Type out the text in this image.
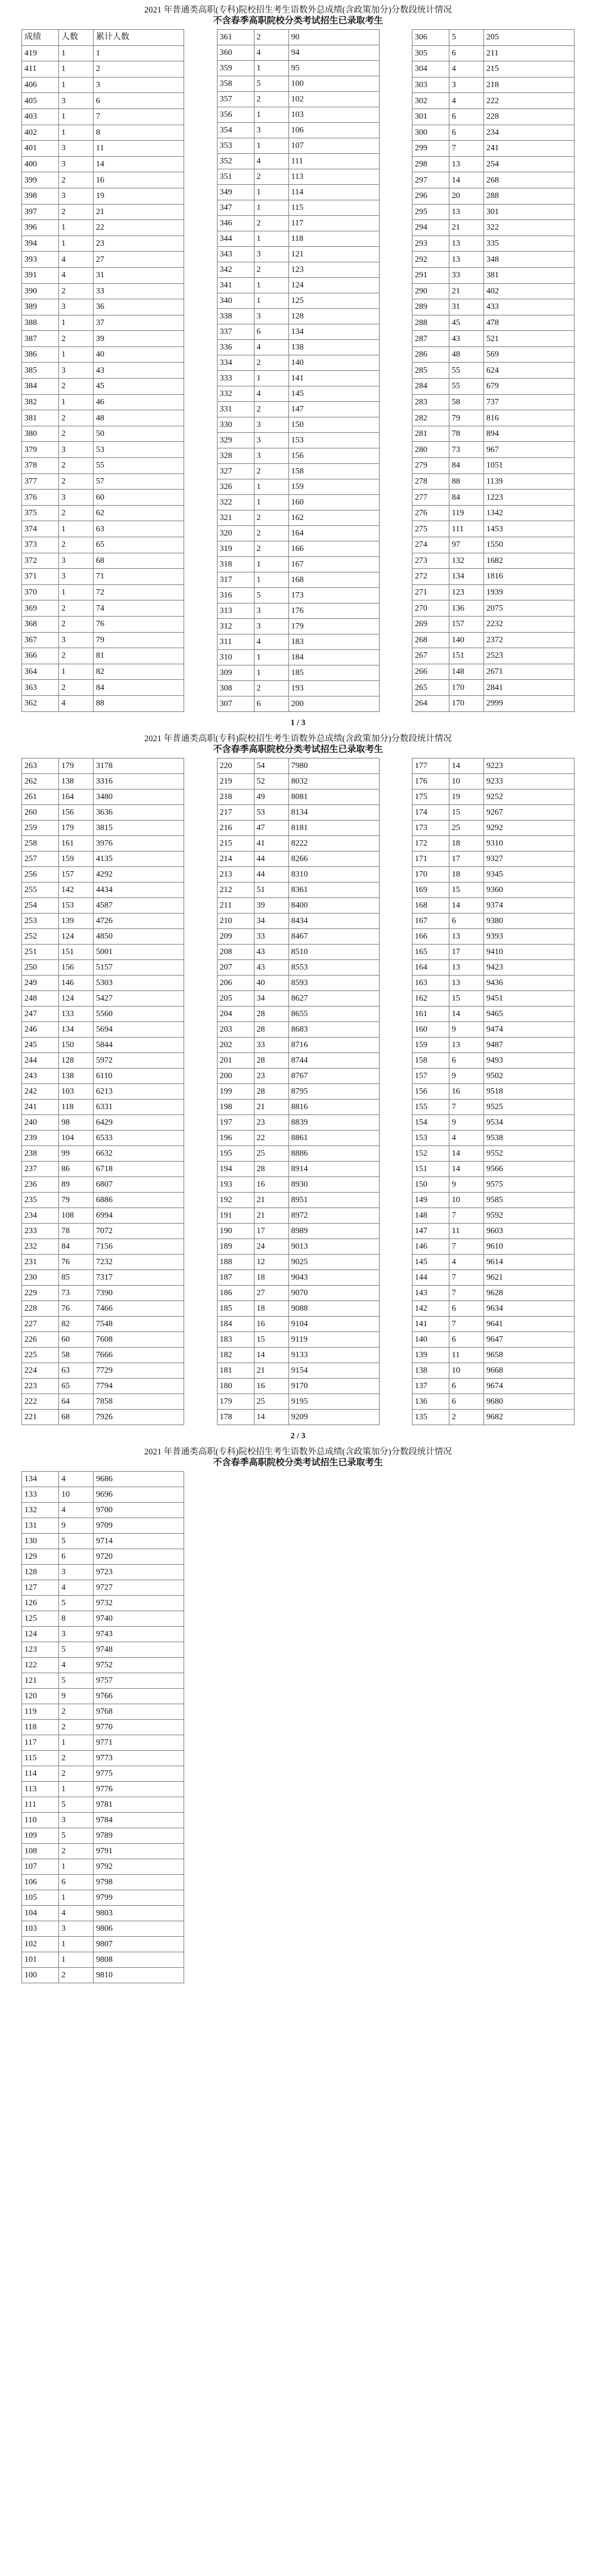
2021 年普通类高职(专科)院校招生考生语数外总成绩(含政策加分)分数段统计情况
不含春季高职院校分类考试招生已录取考生
成绩	人数	累计人数
419	1	1
411	1	2
406	1	3
405	3	6
403	1	7
402	1	8
401	3	11
400	3	14
399	2	16
398	3	19
397	2	21
396	1	22
394	1	23
393	4	27
391	4	31
390	2	33
389	3	36
388	1	37
387	2	39
386	1	40
385	3	43
384	2	45
382	1	46
381	2	48
380	2	50
379	3	53
378	2	55
377	2	57
376	3	60
375	2	62
374	1	63
373	2	65
372	3	68
371	3	71
370	1	72
369	2	74
368	2	76
367	3	79
366	2	81
364	1	82
363	2	84
362	4	88
361	2	90
360	4	94
359	1	95
358	5	100
357	2	102
356	1	103
354	3	106
353	1	107
352	4	111
351	2	113
349	1	114
347	1	115
346	2	117
344	1	118
343	3	121
342	2	123
341	1	124
340	1	125
338	3	128
337	6	134
336	4	138
334	2	140
333	1	141
332	4	145
331	2	147
330	3	150
329	3	153
328	3	156
327	2	158
326	1	159
322	1	160
321	2	162
320	2	164
319	2	166
318	1	167
317	1	168
316	5	173
313	3	176
312	3	179
311	4	183
310	1	184
309	1	185
308	2	193
307	6	200
306	5	205
305	6	211
304	4	215
303	3	218
302	4	222
301	6	228
300	6	234
299	7	241
298	13	254
297	14	268
296	20	288
295	13	301
294	21	322
293	13	335
292	13	348
291	33	381
290	21	402
289	31	433
288	45	478
287	43	521
286	48	569
285	55	624
284	55	679
283	58	737
282	79	816
281	78	894
280	73	967
279	84	1051
278	88	1139
277	84	1223
276	119	1342
275	111	1453
274	97	1550
273	132	1682
272	134	1816
271	123	1939
270	136	2075
269	157	2232
268	140	2372
267	151	2523
266	148	2671
265	170	2841
264	170	2999
1 / 3
2021 年普通类高职(专科)院校招生考生语数外总成绩(含政策加分)分数段统计情况
不含春季高职院校分类考试招生已录取考生
263	179	3178
262	138	3316
261	164	3480
260	156	3636
259	179	3815
258	161	3976
257	159	4135
256	157	4292
255	142	4434
254	153	4587
253	139	4726
252	124	4850
251	151	5001
250	156	5157
249	146	5303
248	124	5427
247	133	5560
246	134	5694
245	150	5844
244	128	5972
243	138	6110
242	103	6213
241	118	6331
240	98	6429
239	104	6533
238	99	6632
237	86	6718
236	89	6807
235	79	6886
234	108	6994
233	78	7072
232	84	7156
231	76	7232
230	85	7317
229	73	7390
228	76	7466
227	82	7548
226	60	7608
225	58	7666
224	63	7729
223	65	7794
222	64	7858
221	68	7926
220	54	7980
219	52	8032
218	49	8081
217	53	8134
216	47	8181
215	41	8222
214	44	8266
213	44	8310
212	51	8361
211	39	8400
210	34	8434
209	33	8467
208	43	8510
207	43	8553
206	40	8593
205	34	8627
204	28	8655
203	28	8683
202	33	8716
201	28	8744
200	23	8767
199	28	8795
198	21	8816
197	23	8839
196	22	8861
195	25	8886
194	28	8914
193	16	8930
192	21	8951
191	21	8972
190	17	8989
189	24	9013
188	12	9025
187	18	9043
186	27	9070
185	18	9088
184	16	9104
183	15	9119
182	14	9133
181	21	9154
180	16	9170
179	25	9195
178	14	9209
177	14	9223
176	10	9233
175	19	9252
174	15	9267
173	25	9292
172	18	9310
171	17	9327
170	18	9345
169	15	9360
168	14	9374
167	6	9380
166	13	9393
165	17	9410
164	13	9423
163	13	9436
162	15	9451
161	14	9465
160	9	9474
159	13	9487
158	6	9493
157	9	9502
156	16	9518
155	7	9525
154	9	9534
153	4	9538
152	14	9552
151	14	9566
150	9	9575
149	10	9585
148	7	9592
147	11	9603
146	7	9610
145	4	9614
144	7	9621
143	7	9628
142	6	9634
141	7	9641
140	6	9647
139	11	9658
138	10	9668
137	6	9674
136	6	9680
135	2	9682
2 / 3
2021 年普通类高职(专科)院校招生考生语数外总成绩(含政策加分)分数段统计情况
不含春季高职院校分类考试招生已录取考生
134	4	9686
133	10	9696
132	4	9700
131	9	9709
130	5	9714
129	6	9720
128	3	9723
127	4	9727
126	5	9732
125	8	9740
124	3	9743
123	5	9748
122	4	9752
121	5	9757
120	9	9766
119	2	9768
118	2	9770
117	1	9771
115	2	9773
114	2	9775
113	1	9776
111	5	9781
110	3	9784
109	5	9789
108	2	9791
107	1	9792
106	6	9798
105	1	9799
104	4	9803
103	3	9806
102	1	9807
101	1	9808
100	2	9810
